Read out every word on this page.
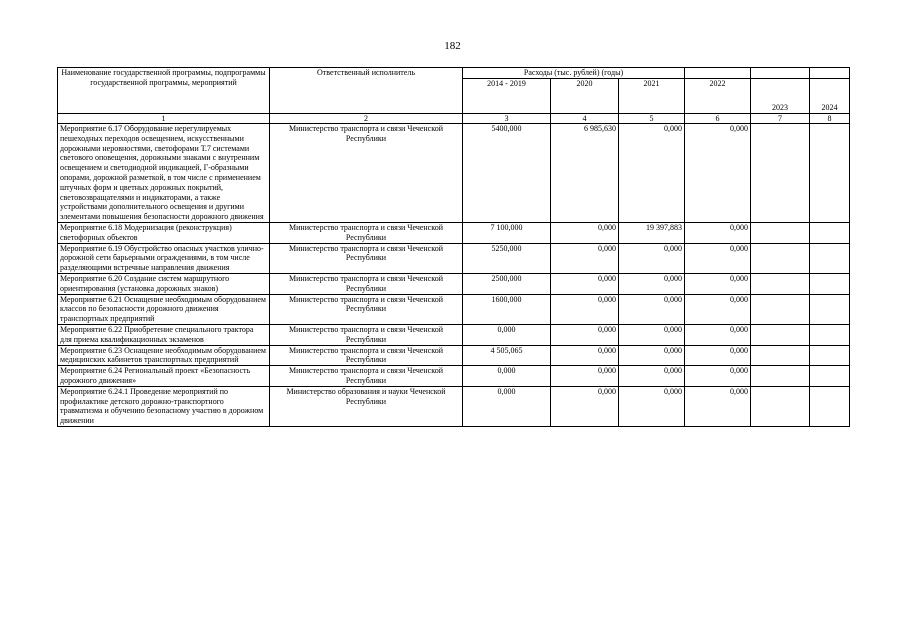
182
Наименование государственной программы, подпрограммы государственной программы, мероприятий	Ответственный исполнитель	Расходы (тыс. рублей) (годы)					
		2014 - 2019	2020	2021	2022	2023	2024
1	2	3	4	5	6	7	8
Мероприятие 6.17 Оборудование нерегулируемых пешеходных переходов освещением, искусственными дорожными неровностями, светофорами Т.7 системами светового оповещения, дорожными знаками с внутренним освещением и светодиодной индикацией, Г-образными опорами, дорожной разметкой, в том числе с применением штучных форм и цветных дорожных покрытий, световозвращателями и индикаторами, а также устройствами дополнительного освещения и другими элементами повышения безопасности дорожного движения	Министерство транспорта и связи Чеченской Республики	5400,000	6 985,630	0,000	0,000		
Мероприятие 6.18 Модернизация (реконструкция) светофорных объектов	Министерство транспорта и связи Чеченской Республики	7 100,000	0,000	19 397,883	0,000		
Мероприятие 6.19 Обустройство опасных участков улично-дорожной сети барьерными ограждениями, в том числе разделяющими встречные направления движения	Министерство транспорта и связи Чеченской Республики	5250,000	0,000	0,000	0,000		
Мероприятие 6.20 Создание систем маршрутного ориентирования (установка дорожных знаков)	Министерство транспорта и связи Чеченской Республики	2500,000	0,000	0,000	0,000		
Мероприятие 6.21 Оснащение необходимым оборудованием классов по безопасности дорожного движения транспортных предприятий	Министерство транспорта и связи Чеченской Республики	1600,000	0,000	0,000	0,000		
Мероприятие 6.22 Приобретение специального трактора для приема квалификационных экзаменов	Министерство транспорта и связи Чеченской Республики	0,000	0,000	0,000	0,000		
Мероприятие 6.23 Оснащение необходимым оборудованием медицинских кабинетов транспортных предприятий	Министерство транспорта и связи Чеченской Республики	4 505,065	0,000	0,000	0,000		
Мероприятие 6.24 Региональный проект «Безопасность дорожного движения»	Министерство транспорта и связи Чеченской Республики	0,000	0,000	0,000	0,000		
Мероприятие 6.24.1 Проведение мероприятий по профилактике детского дорожно-транспортного травматизма и обучению безопасному участию в дорожном движении	Министерство образования и науки Чеченской Республики	0,000	0,000	0,000	0,000		
